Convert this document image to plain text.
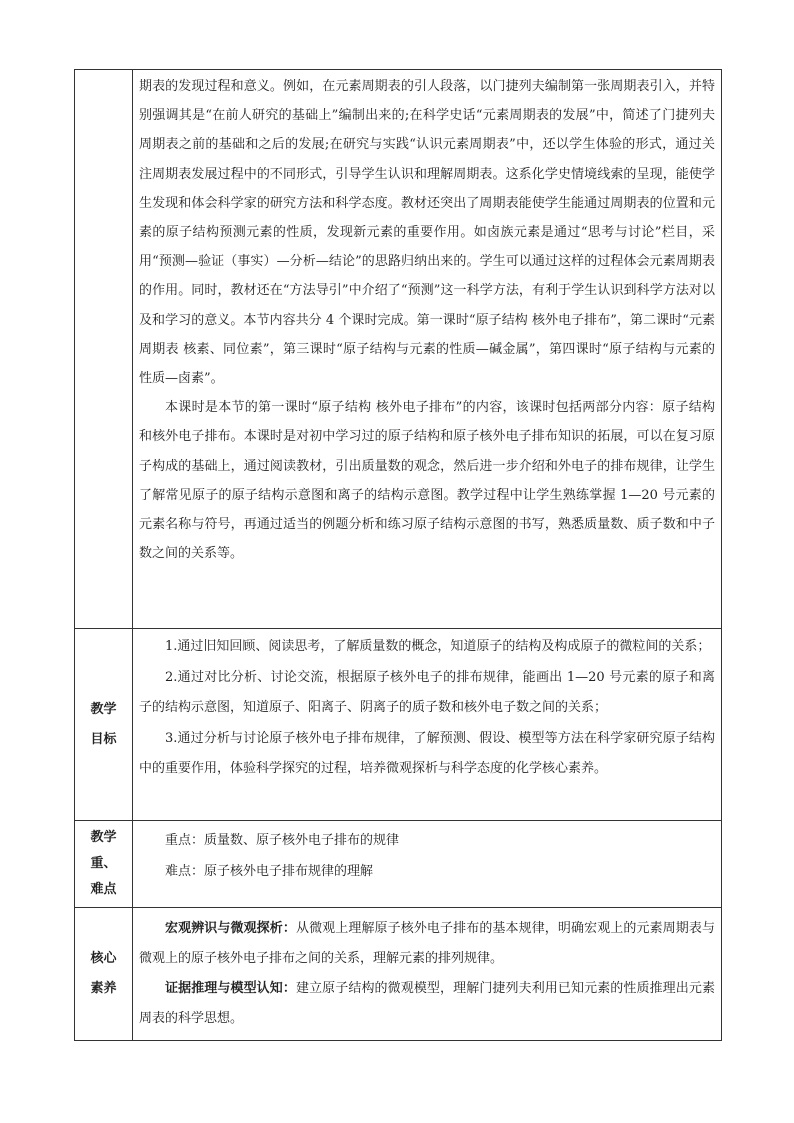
	期表的发现过程和意义。例如，在元素周期表的引人段落，以门捷列夫编制第一张周期表引入，并特别强调其是“在前人研究的基础上”编制出来的;在科学史话“元素周期表的发展”中，简述了门捷列夫周期表之前的基础和之后的发展;在研究与实践“认识元素周期表”中，还以学生体验的形式，通过关注周期表发展过程中的不同形式，引导学生认识和理解周期表。这系化学史情境线索的呈现，能使学生发现和体会科学家的研究方法和科学态度。教材还突出了周期表能使学生能通过周期表的位置和元素的原子结构预测元素的性质，发现新元素的重要作用。如卤族元素是通过“思考与讨论”栏目，采用“预测—验证（事实）—分析—结论”的思路归纳出来的。学生可以通过这样的过程体会元素周期表的作用。同时，教材还在“方法导引”中介绍了“预测”这一科学方法，有利于学生认识到科学方法对以及和学习的意义。本节内容共分 4 个课时完成。第一课时“原子结构 核外电子排布”，第二课时“元素周期表 核素、同位素”，第三课时“原子结构与元素的性质—碱金属”，第四课时“原子结构与元素的性质—卤素”。

本课时是本节的第一课时“原子结构 核外电子排布”的内容，该课时包括两部分内容：原子结构和核外电子排布。本课时是对初中学习过的原子结构和原子核外电子排布知识的拓展，可以在复习原子构成的基础上，通过阅读教材，引出质量数的观念，然后进一步介绍和外电子的排布规律，让学生了解常见原子的原子结构示意图和离子的结构示意图。教学过程中让学生熟练掌握 1—20 号元素的元素名称与符号，再通过适当的例题分析和练习原子结构示意图的书写，熟悉质量数、质子数和中子数之间的关系等。

教学目标	1.通过旧知回顾、阅读思考，了解质量数的概念，知道原子的结构及构成原子的微粒间的关系；

2.通过对比分析、讨论交流，根据原子核外电子的排布规律，能画出 1—20 号元素的原子和离子的结构示意图，知道原子、阳离子、阴离子的质子数和核外电子数之间的关系；

3.通过分析与讨论原子核外电子排布规律，了解预测、假设、模型等方法在科学家研究原子结构中的重要作用，体验科学探究的过程，培养微观探析与科学态度的化学核心素养。

教学重、难点	重点：质量数、原子核外电子排布的规律

难点：原子核外电子排布规律的理解

核心素养	宏观辨识与微观探析：从微观上理解原子核外电子排布的基本规律，明确宏观上的元素周期表与微观上的原子核外电子排布之间的关系，理解元素的排列规律。

证据推理与模型认知：建立原子结构的微观模型，理解门捷列夫利用已知元素的性质推理出元素周表的科学思想。
